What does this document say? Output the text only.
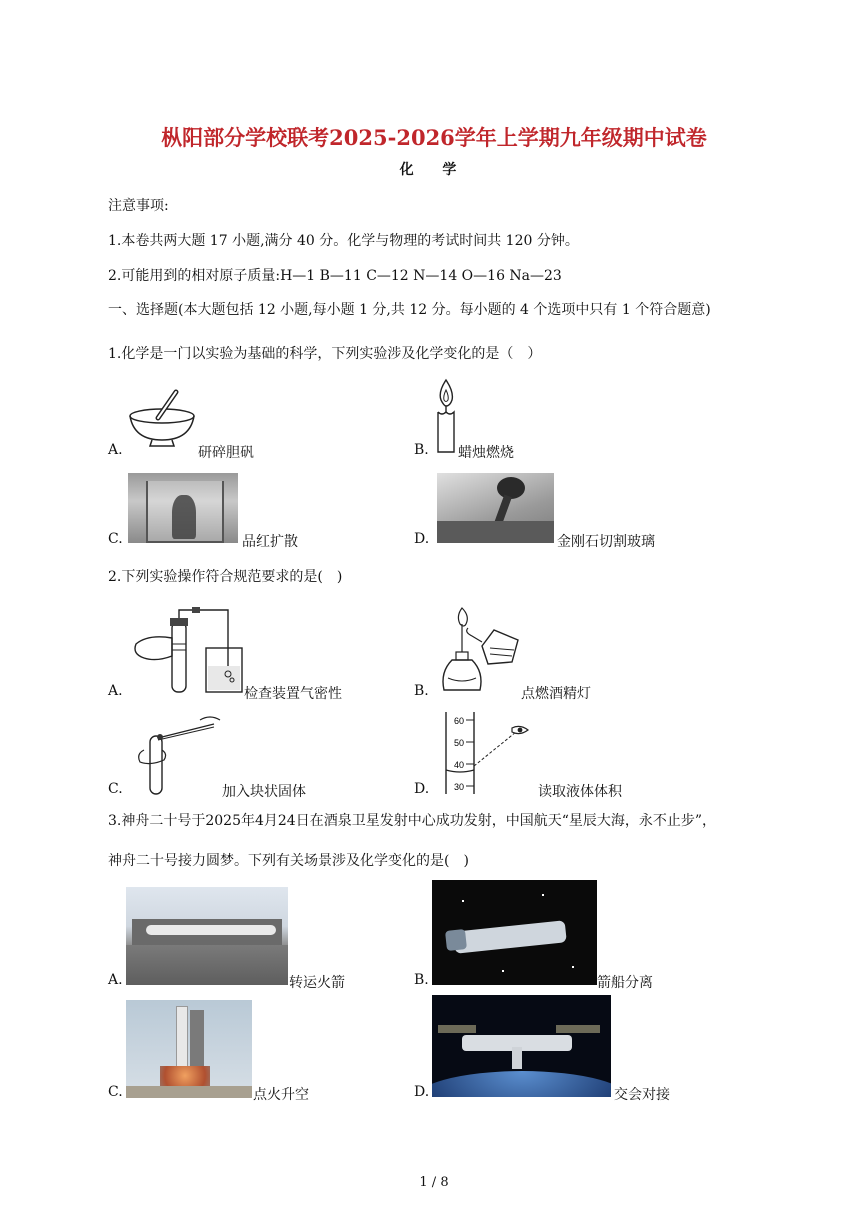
枞阳部分学校联考2025-2026学年上学期九年级期中试卷
化 学
注意事项:
1.本卷共两大题 17 小题,满分 40 分。化学与物理的考试时间共 120 分钟。
2.可能用到的相对原子质量:H—1 B—11 C—12 N—14 O—16 Na—23
一、选择题(本大题包括 12 小题,每小题 1 分,共 12 分。每小题的 4 个选项中只有 1 个符合题意)
1.化学是一门以实验为基础的科学，下列实验涉及化学变化的是（　）
A.	研碎胆矾	B. 蜡烛燃烧
C.	品红扩散	D.	金刚石切割玻璃
2.下列实验操作符合规范要求的是(　)
A.	检查装置气密性	B.	点燃酒精灯
C.	加入块状固体	D.
60
50
40
30	读取液体体积
3.神舟二十号于2025年4月24日在酒泉卫星发射中心成功发射，中国航天“星辰大海，永不止步”，
神舟二十号接力圆梦。下列有关场景涉及化学变化的是(　)
A.	转运火箭	B.	箭船分离
C.	点火升空	D.	交会对接
1 / 8
